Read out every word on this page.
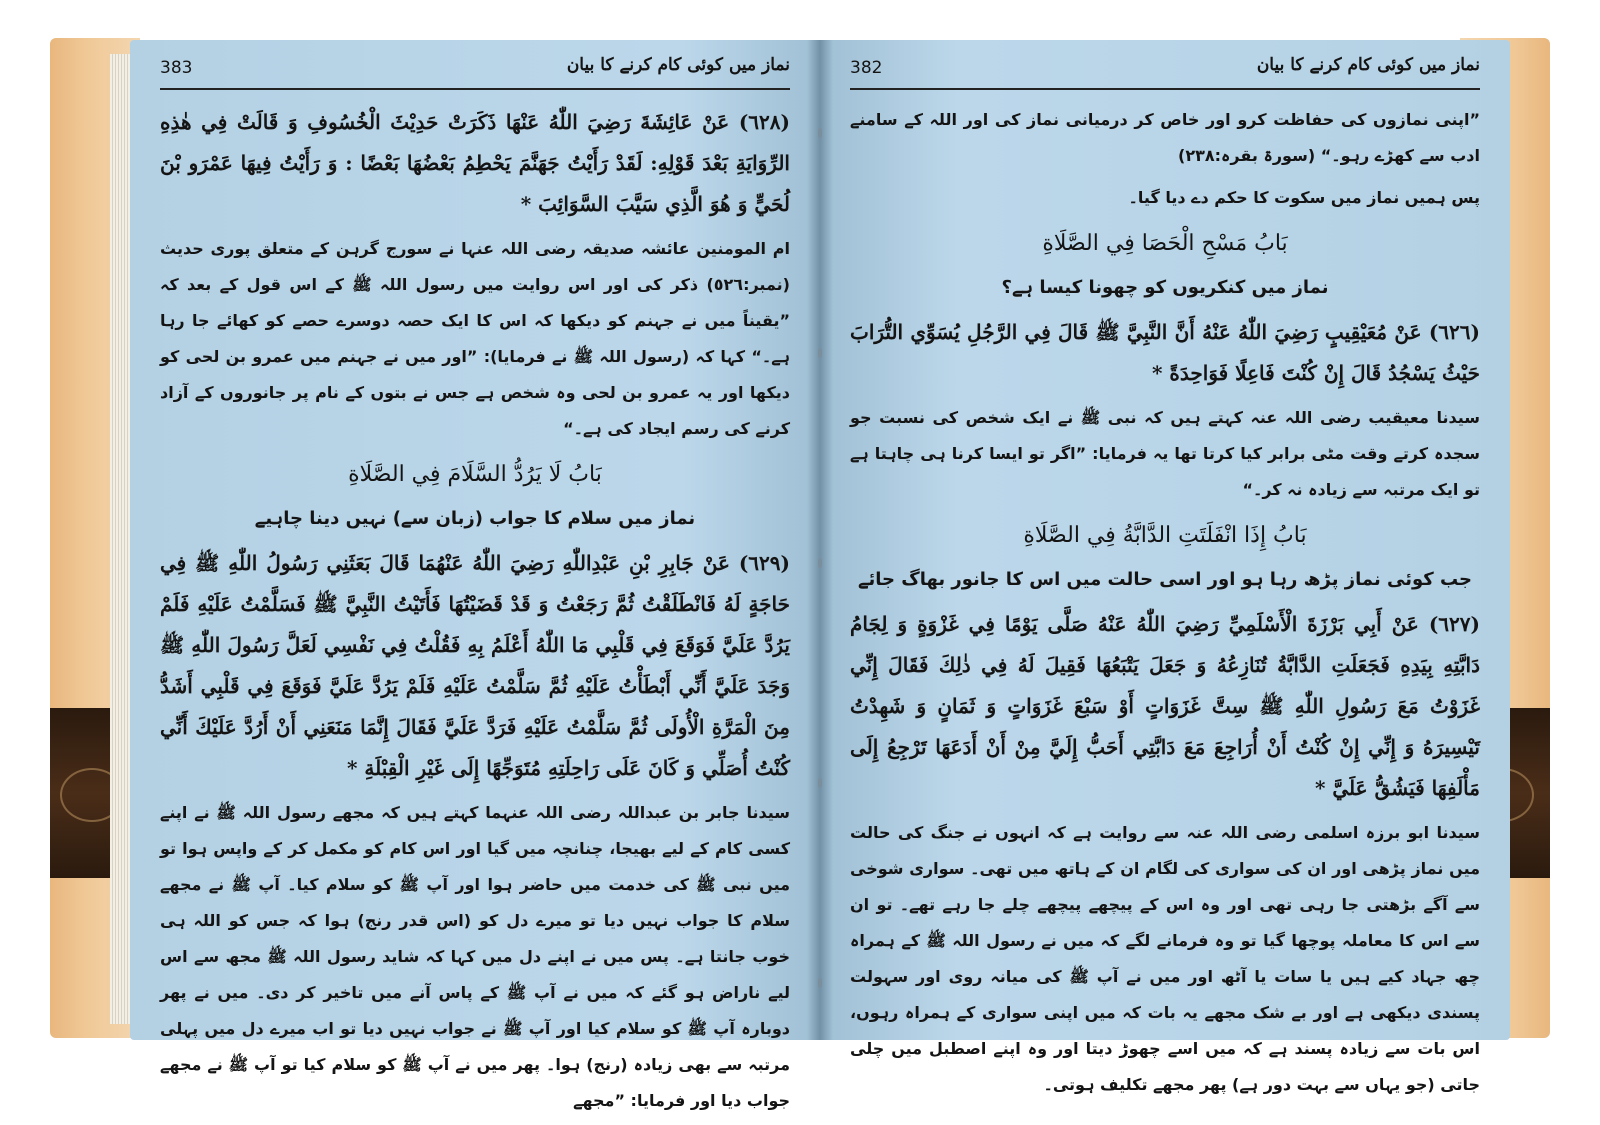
نماز میں کوئی کام کرنے کا بیان
383

(٦٢٨) عَنْ عَائِشَةَ رَضِيَ اللّٰهُ عَنْهَا ذَكَرَتْ حَدِيْثَ الْخُسُوفِ وَ قَالَتْ فِي هٰذِهِ الرِّوَايَةِ بَعْدَ قَوْلِهِ: لَقَدْ رَأَيْتُ جَهَنَّمَ يَحْطِمُ بَعْضُهَا بَعْضًا : وَ رَأَيْتُ فِيهَا عَمْرَو بْنَ لُحَيٍّ وَ هُوَ الَّذِي سَيَّبَ السَّوَائِبَ *

ام المومنین عائشہ صدیقہ رضی اللہ عنہا نے سورج گرہن کے متعلق پوری حدیث (نمبر:٥٢٦) ذکر کی اور اس روایت میں رسول اللہ ﷺ کے اس قول کے بعد کہ ”یقیناً میں نے جہنم کو دیکھا کہ اس کا ایک حصہ دوسرے حصے کو کھائے جا رہا ہے۔“ کہا کہ (رسول اللہ ﷺ نے فرمایا): ”اور میں نے جہنم میں عمرو بن لحی کو دیکھا اور یہ عمرو بن لحی وہ شخص ہے جس نے بتوں کے نام پر جانوروں کے آزاد کرنے کی رسم ایجاد کی ہے۔“

بَابُ لَا يَرُدُّ السَّلَامَ فِي الصَّلَاةِ
نماز میں سلام کا جواب (زبان سے) نہیں دینا چاہیے

(٦٢٩) عَنْ جَابِرِ بْنِ عَبْدِاللّٰهِ رَضِيَ اللّٰهُ عَنْهُمَا قَالَ بَعَثَنِي رَسُولُ اللّٰهِ ﷺ فِي حَاجَةٍ لَهُ فَانْطَلَقْتُ ثُمَّ رَجَعْتُ وَ قَدْ قَضَيْتُهَا فَأَتَيْتُ النَّبِيَّ ﷺ فَسَلَّمْتُ عَلَيْهِ فَلَمْ يَرُدَّ عَلَيَّ فَوَقَعَ فِي قَلْبِي مَا اللّٰهُ أَعْلَمُ بِهِ فَقُلْتُ فِي نَفْسِي لَعَلَّ رَسُولَ اللّٰهِ ﷺ وَجَدَ عَلَيَّ أَنِّي أَبْطَأْتُ عَلَيْهِ ثُمَّ سَلَّمْتُ عَلَيْهِ فَلَمْ يَرُدَّ عَلَيَّ فَوَقَعَ فِي قَلْبِي أَشَدُّ مِنَ الْمَرَّةِ الْأُولَى ثُمَّ سَلَّمْتُ عَلَيْهِ فَرَدَّ عَلَيَّ فَقَالَ إِنَّمَا مَنَعَنِي أَنْ أَرُدَّ عَلَيْكَ أَنِّي كُنْتُ أُصَلِّي وَ كَانَ عَلَى رَاحِلَتِهِ مُتَوَجِّهًا إِلَى غَيْرِ الْقِبْلَةِ *

سیدنا جابر بن عبداللہ رضی اللہ عنہما کہتے ہیں کہ مجھے رسول اللہ ﷺ نے اپنے کسی کام کے لیے بھیجا، چنانچہ میں گیا اور اس کام کو مکمل کر کے واپس ہوا تو میں نبی ﷺ کی خدمت میں حاضر ہوا اور آپ ﷺ کو سلام کیا۔ آپ ﷺ نے مجھے سلام کا جواب نہیں دیا تو میرے دل کو (اس قدر رنج) ہوا کہ جس کو اللہ ہی خوب جانتا ہے۔ پس میں نے اپنے دل میں کہا کہ شاید رسول اللہ ﷺ مجھ سے اس لیے ناراض ہو گئے کہ میں نے آپ ﷺ کے پاس آنے میں تاخیر کر دی۔ میں نے پھر دوبارہ آپ ﷺ کو سلام کیا اور آپ ﷺ نے جواب نہیں دیا تو اب میرے دل میں پہلی مرتبہ سے بھی زیادہ (رنج) ہوا۔ پھر میں نے آپ ﷺ کو سلام کیا تو آپ ﷺ نے مجھے جواب دیا اور فرمایا: ”مجھے

نماز میں کوئی کام کرنے کا بیان
382

”اپنی نمازوں کی حفاظت کرو اور خاص کر درمیانی نماز کی اور اللہ کے سامنے ادب سے کھڑے رہو۔“ (سورۃ بقرہ:٢٣٨)

پس ہمیں نماز میں سکوت کا حکم دے دیا گیا۔

بَابُ مَسْحِ الْحَصَا فِي الصَّلَاةِ
نماز میں کنکریوں کو چھونا کیسا ہے؟

(٦٢٦) عَنْ مُعَيْقِيبٍ رَضِيَ اللّٰهُ عَنْهُ أَنَّ النَّبِيَّ ﷺ قَالَ فِي الرَّجُلِ يُسَوِّي التُّرَابَ حَيْثُ يَسْجُدُ قَالَ إِنْ كُنْتَ فَاعِلًا فَوَاحِدَةً *

سیدنا معیقیب رضی اللہ عنہ کہتے ہیں کہ نبی ﷺ نے ایک شخص کی نسبت جو سجدہ کرتے وقت مٹی برابر کیا کرتا تھا یہ فرمایا: ”اگر تو ایسا کرنا ہی چاہتا ہے تو ایک مرتبہ سے زیادہ نہ کر۔“

بَابُ إِذَا انْفَلَتَتِ الدَّابَّةُ فِي الصَّلَاةِ
جب کوئی نماز پڑھ رہا ہو اور اسی حالت میں اس کا جانور بھاگ جائے

(٦٢٧) عَنْ أَبِي بَرْزَةَ الْأَسْلَمِيِّ رَضِيَ اللّٰهُ عَنْهُ صَلَّى يَوْمًا فِي غَزْوَةٍ وَ لِجَامُ دَابَّتِهِ بِيَدِهِ فَجَعَلَتِ الدَّابَّةُ تُنَازِعُهُ وَ جَعَلَ يَتْبَعُهَا فَقِيلَ لَهُ فِي ذٰلِكَ فَقَالَ إِنِّي غَزَوْتُ مَعَ رَسُولِ اللّٰهِ ﷺ سِتَّ غَزَوَاتٍ أَوْ سَبْعَ غَزَوَاتٍ وَ ثَمَانٍ وَ شَهِدْتُ تَيْسِيرَهُ وَ إِنِّي إِنْ كُنْتُ أَنْ أُرَاجِعَ مَعَ دَابَّتِي أَحَبُّ إِلَيَّ مِنْ أَنْ أَدَعَهَا تَرْجِعُ إِلَى مَأْلَفِهَا فَيَشُقُّ عَلَيَّ *

سیدنا ابو برزہ اسلمی رضی اللہ عنہ سے روایت ہے کہ انہوں نے جنگ کی حالت میں نماز پڑھی اور ان کی سواری کی لگام ان کے ہاتھ میں تھی۔ سواری شوخی سے آگے بڑھتی جا رہی تھی اور وہ اس کے پیچھے پیچھے چلے جا رہے تھے۔ تو ان سے اس کا معاملہ پوچھا گیا تو وہ فرمانے لگے کہ میں نے رسول اللہ ﷺ کے ہمراہ چھ جہاد کیے ہیں یا سات یا آٹھ اور میں نے آپ ﷺ کی میانہ روی اور سہولت پسندی دیکھی ہے اور بے شک مجھے یہ بات کہ میں اپنی سواری کے ہمراہ رہوں، اس بات سے زیادہ پسند ہے کہ میں اسے چھوڑ دیتا اور وہ اپنے اصطبل میں چلی جاتی (جو یہاں سے بہت دور ہے) پھر مجھے تکلیف ہوتی۔
